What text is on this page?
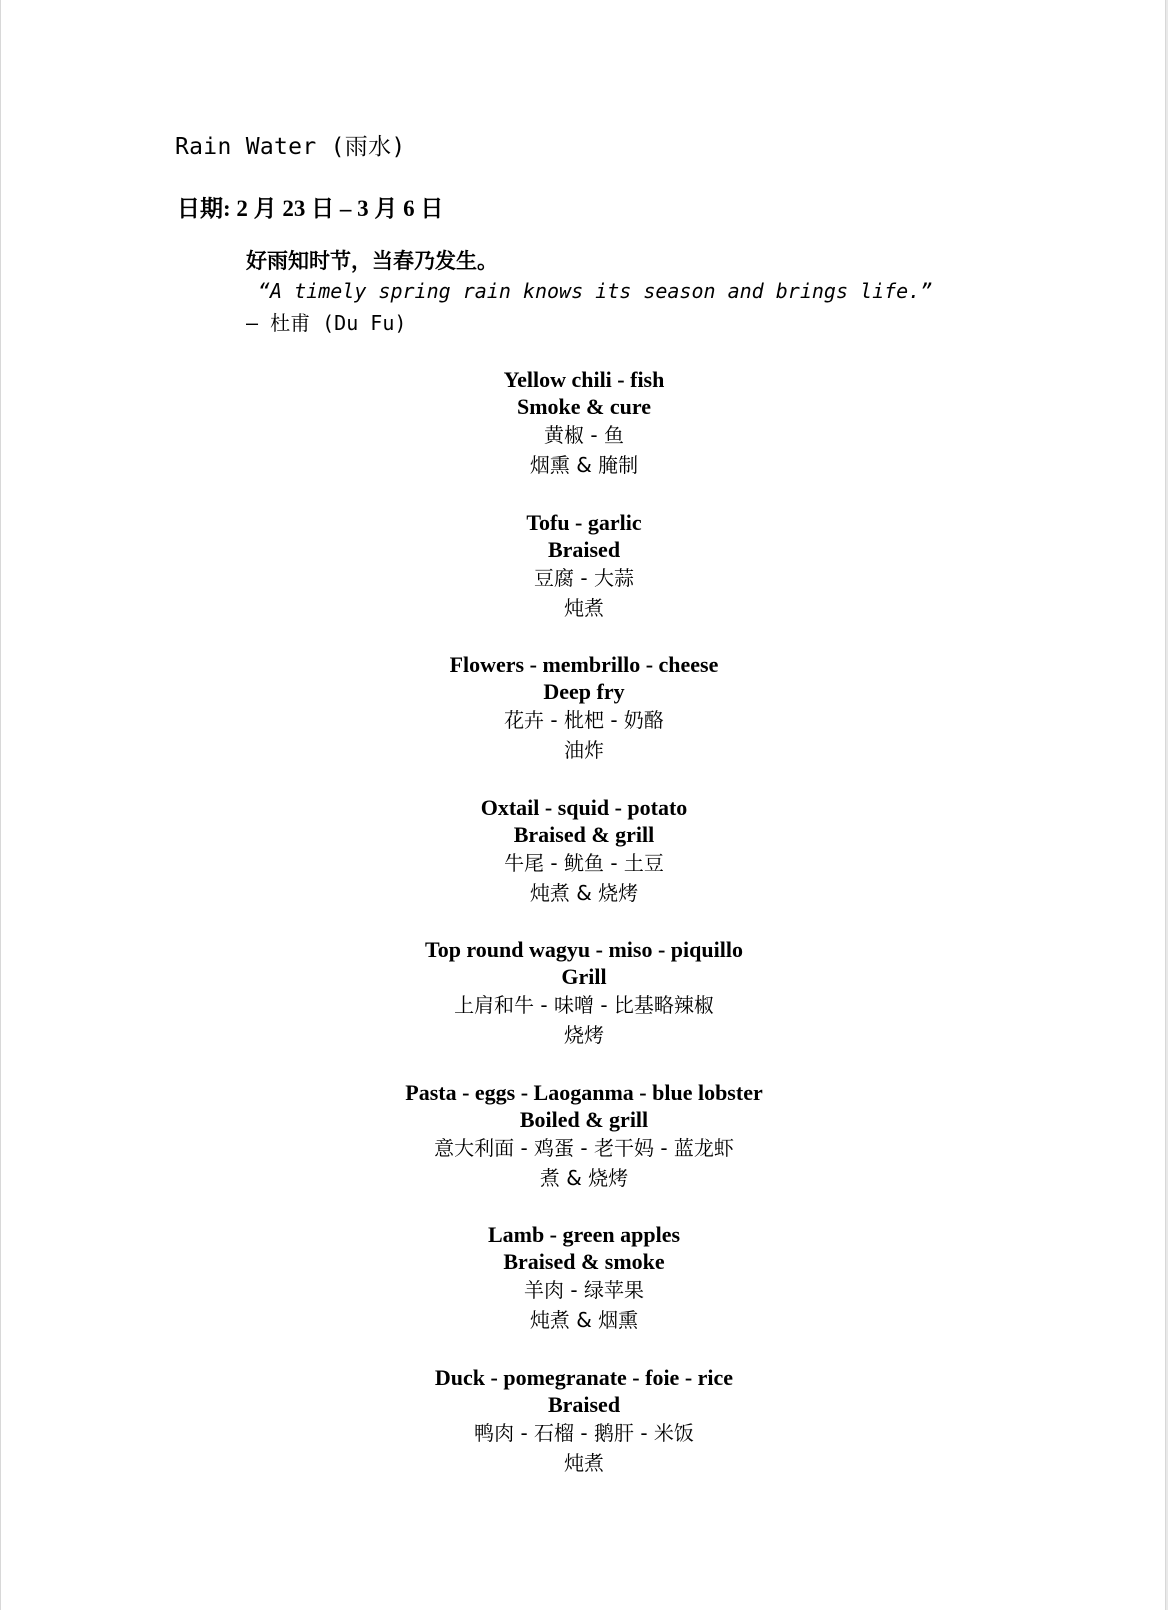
Rain Water (雨水)

日期: 2 月 23 日 – 3 月 6 日

好雨知时节，当春乃发生。

“A timely spring rain knows its season and brings life.”

— 杜甫 (Du Fu)

Yellow chili - fish

Smoke & cure

黄椒 - 鱼

烟熏 & 腌制

Tofu - garlic

Braised

豆腐 - 大蒜

炖煮

Flowers - membrillo - cheese

Deep fry

花卉 - 枇杷 - 奶酪

油炸

Oxtail - squid - potato

Braised & grill

牛尾 - 鱿鱼 - 土豆

炖煮 & 烧烤

Top round wagyu - miso - piquillo

Grill

上肩和牛 - 味噌 - 比基略辣椒

烧烤

Pasta - eggs - Laoganma - blue lobster

Boiled & grill

意大利面 - 鸡蛋 - 老干妈 - 蓝龙虾

煮 & 烧烤

Lamb - green apples

Braised & smoke

羊肉 - 绿苹果

炖煮 & 烟熏

Duck - pomegranate - foie - rice

Braised

鸭肉 - 石榴 - 鹅肝 - 米饭

炖煮
